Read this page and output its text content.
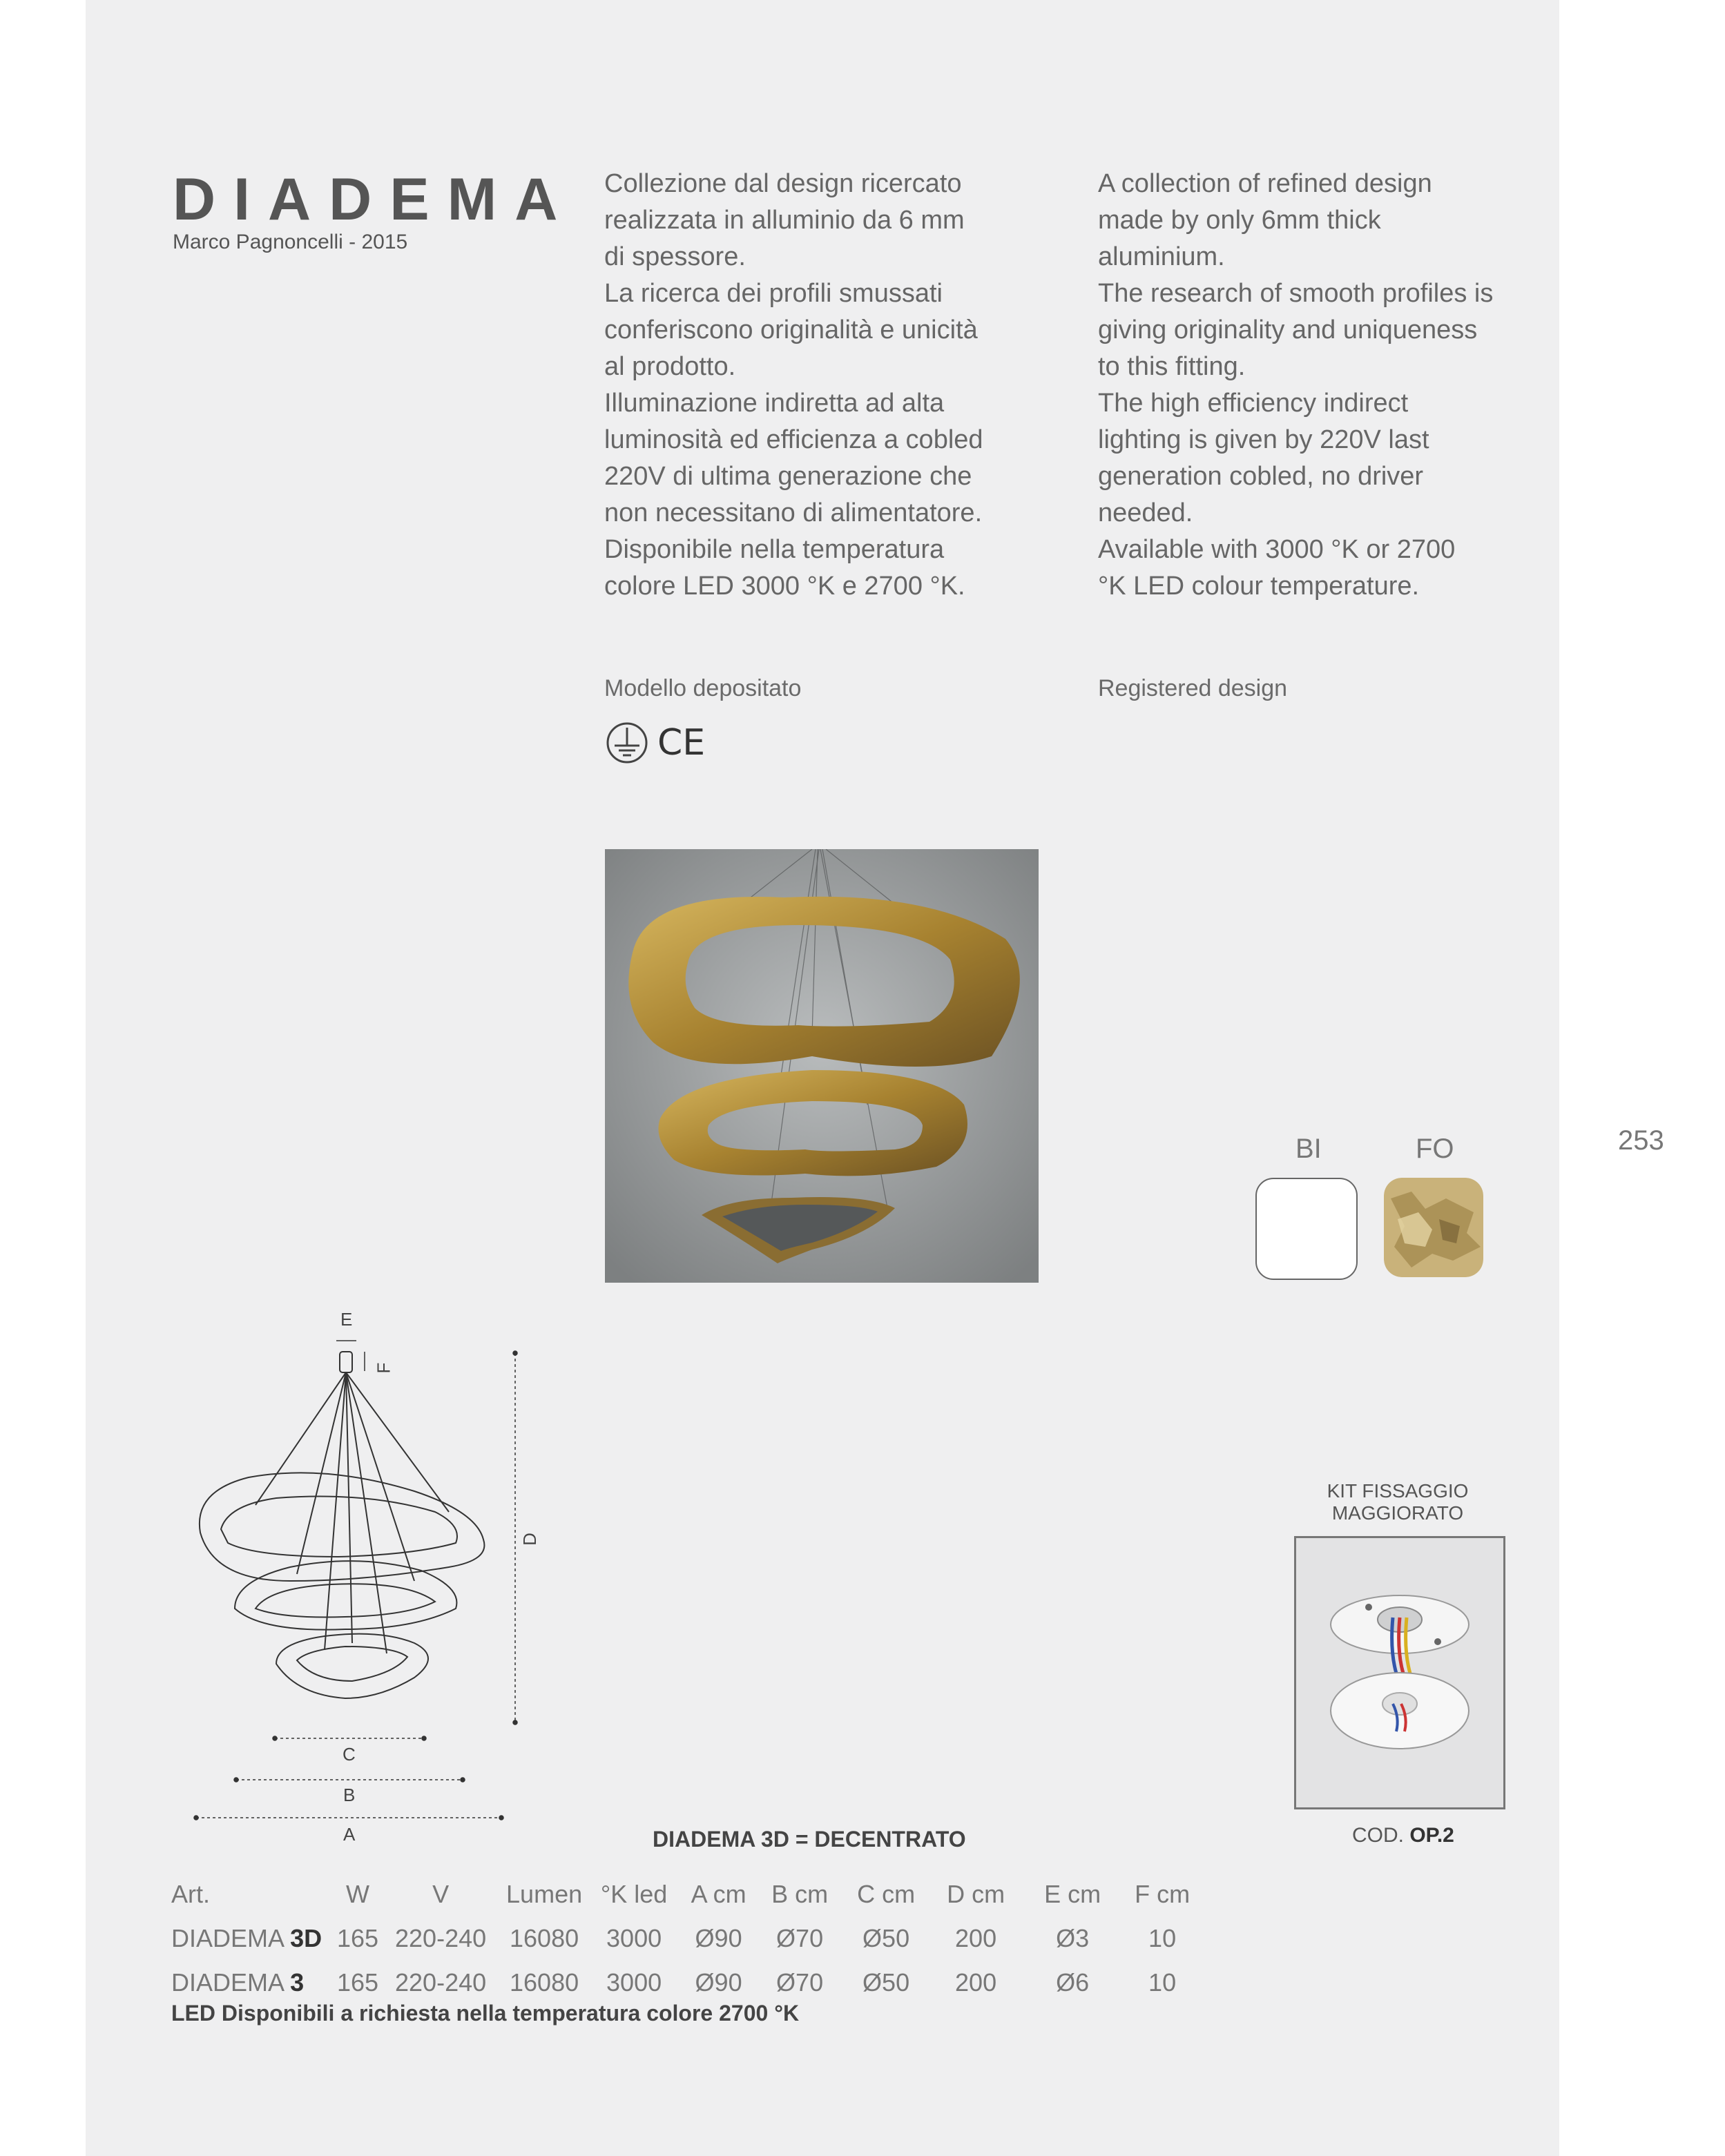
DIADEMA
Marco Pagnoncelli - 2015
Collezione dal design ricercato
realizzata in alluminio da 6 mm
di spessore.
La ricerca dei profili smussati
conferiscono originalità e unicità
al prodotto.
Illuminazione indiretta ad alta
luminosità ed efficienza a cobled
220V di ultima generazione che
non necessitano di alimentatore.
Disponibile nella temperatura
colore LED 3000 °K e 2700 °K.
A collection of refined design
made by only 6mm thick
aluminium.
The research of smooth profiles is
giving originality and uniqueness
to this fitting.
The high efficiency indirect
lighting is given by 220V last
generation cobled, no driver
needed.
Available with 3000 °K or 2700
°K LED colour temperature.
Modello depositato	Registered design
CE
253
BI	FO
E
F
D
C
B
A
KIT FISSAGGIO
MAGGIORATO
COD. OP.2
DIADEMA 3D = DECENTRATO
Art.	W	V	Lumen	°K led	A cm	B cm	C cm	D cm	E cm	F cm
DIADEMA 3D	165	220-240	16080	3000	Ø90	Ø70	Ø50	200	Ø3	10
DIADEMA 3	165	220-240	16080	3000	Ø90	Ø70	Ø50	200	Ø6	10
LED Disponibili a richiesta nella temperatura colore 2700 °K
